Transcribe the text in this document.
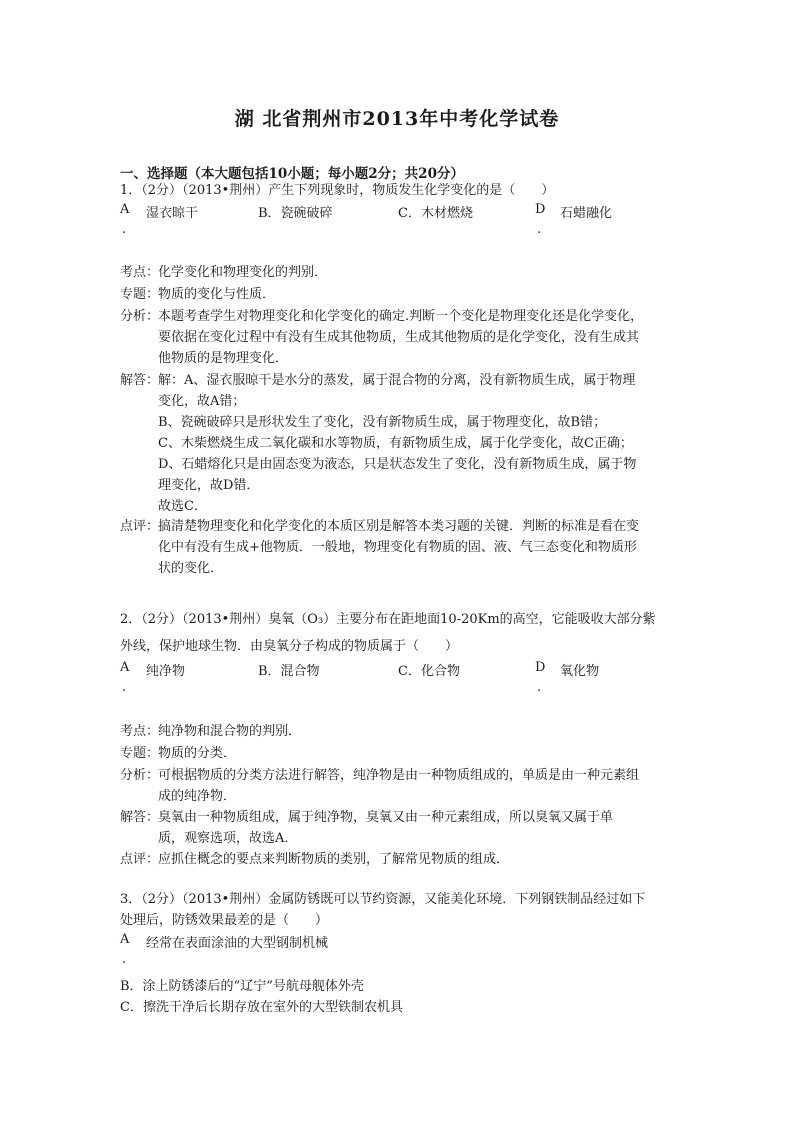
湖 北省荆州市2013年中考化学试卷
一、选择题（本大题包括10小题；每小题2分；共20分）
1．（2分）（2013•荆州）产生下列现象时，物质发生化学变化的是（　　）
A 湿衣晾干	B．瓷碗破碎	C．木材燃烧	D 石蜡融化
.	.
考点：
化学变化和物理变化的判别．
专题：
物质的变化与性质．
分析：
本题考查学生对物理变化和化学变化的确定.判断一个变化是物理变化还是化学变化，
要依据在变化过程中有没有生成其他物质，生成其他物质的是化学变化，没有生成其
他物质的是物理变化．
解答：
解：A、湿衣服晾干是水分的蒸发，属于混合物的分离，没有新物质生成，属于物理
变化，故A错；
B、瓷碗破碎只是形状发生了变化，没有新物质生成，属于物理变化，故B错；
C、木柴燃烧生成二氧化碳和水等物质，有新物质生成，属于化学变化，故C正确；
D、石蜡熔化只是由固态变为液态，只是状态发生了变化，没有新物质生成，属于物
理变化，故D错．
故选C．
点评：
搞清楚物理变化和化学变化的本质区别是解答本类习题的关键．判断的标准是看在变
化中有没有生成+他物质．一般地，物理变化有物质的固、液、气三态变化和物质形
状的变化．
2．（2分）（2013•荆州）臭氧（O₃）主要分布在距地面10-20Km的高空，它能吸收大部分紫
外线，保护地球生物．由臭氧分子构成的物质属于（　　）
A 纯净物	B．混合物	C．化合物	D 氧化物
.	.
考点：
纯净物和混合物的判别．
专题：
物质的分类．
分析：
可根据物质的分类方法进行解答，纯净物是由一种物质组成的，单质是由一种元素组
成的纯净物．
解答：
臭氧由一种物质组成，属于纯净物，臭氧又由一种元素组成，所以臭氧又属于单
质，观察选项，故选A．
点评：
应抓住概念的要点来判断物质的类别，了解常见物质的组成．
3．（2分）（2013•荆州）金属防锈既可以节约资源，又能美化环境．下列钢铁制品经过如下
处理后，防锈效果最差的是（　　）
A 经常在表面涂油的大型钢制机械
.
B．涂上防锈漆后的“辽宁”号航母舰体外壳
C．擦洗干净后长期存放在室外的大型铁制农机具
